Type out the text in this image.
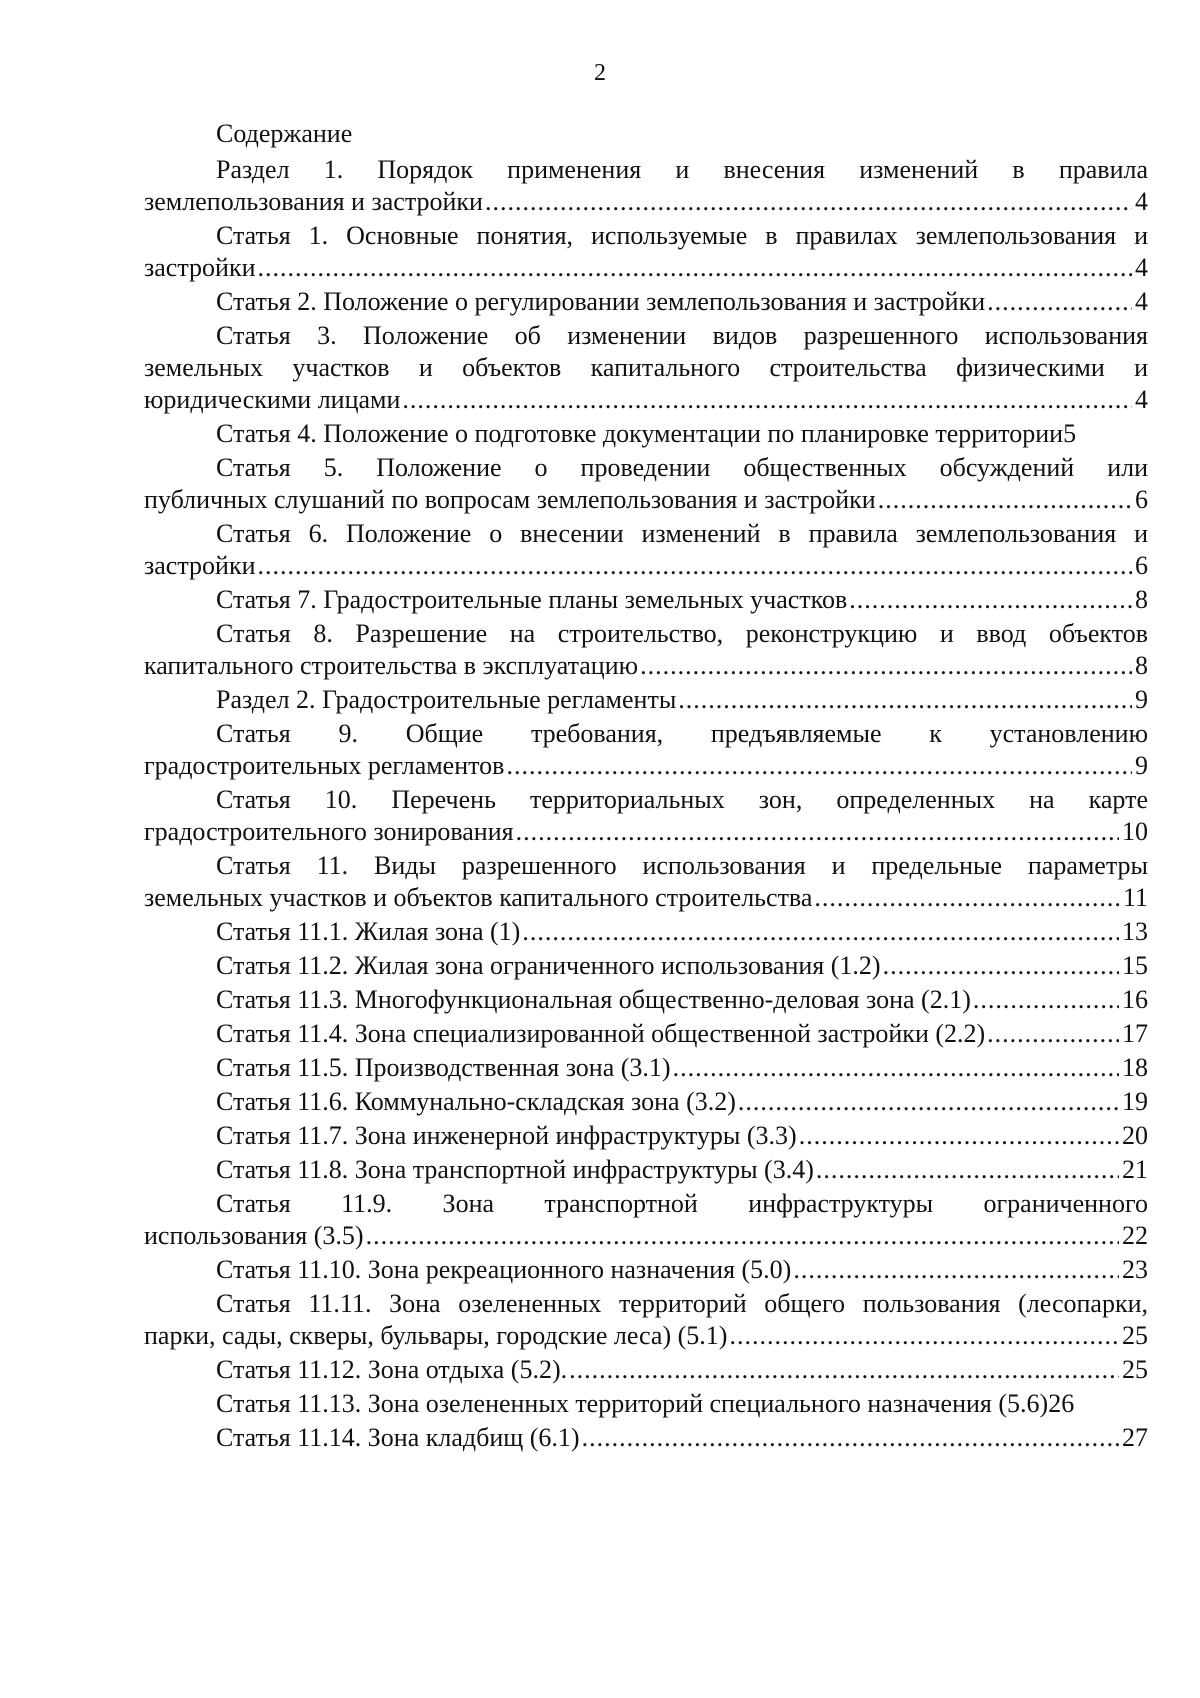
2
Содержание
Раздел 1. Порядок применения и внесения изменений в правила
землепользования и застройки .....	4
Статья 1. Основные понятия, используемые в правилах землепользования и
застройки .....	4
Статья 2. Положение о регулировании землепользования и застройки .....	4
Статья 3. Положение об изменении видов разрешенного использования
земельных участков и объектов капитального строительства физическими и
юридическими лицами .....	4
Статья 4. Положение о подготовке документации по планировке территории 5
Статья 5. Положение о проведении общественных обсуждений или
публичных слушаний по вопросам землепользования и застройки .....	6
Статья 6. Положение о внесении изменений в правила землепользования и
застройки .....	6
Статья 7. Градостроительные планы земельных участков .....	8
Статья 8. Разрешение на строительство, реконструкцию и ввод объектов
капитального строительства в эксплуатацию .....	8
Раздел 2. Градостроительные регламенты .....	9
Статья 9. Общие требования, предъявляемые к установлению
градостроительных регламентов .....	9
Статья 10. Перечень территориальных зон, определенных на карте
градостроительного зонирования .....	10
Статья 11. Виды разрешенного использования и предельные параметры
земельных участков и объектов капитального строительства .....	11
Статья 11.1. Жилая зона (1) .....	13
Статья 11.2. Жилая зона ограниченного использования (1.2) .....	15
Статья 11.3. Многофункциональная общественно-деловая зона (2.1) .....	16
Статья 11.4. Зона специализированной общественной застройки (2.2) .....	17
Статья 11.5. Производственная зона (3.1) .....	18
Статья 11.6. Коммунально-складская зона (3.2) .....	19
Статья 11.7. Зона инженерной инфраструктуры (3.3) .....	20
Статья 11.8. Зона транспортной инфраструктуры (3.4) .....	21
Статья 11.9. Зона транспортной инфраструктуры ограниченного
использования (3.5) .....	22
Статья 11.10. Зона рекреационного назначения (5.0) .....	23
Статья 11.11. Зона озелененных территорий общего пользования (лесопарки,
парки, сады, скверы, бульвары, городские леса) (5.1) .....	25
Статья 11.12. Зона отдыха (5.2). .....	25
Статья 11.13. Зона озелененных территорий специального назначения (5.6) 26
Статья 11.14. Зона кладбищ (6.1) .....	27
